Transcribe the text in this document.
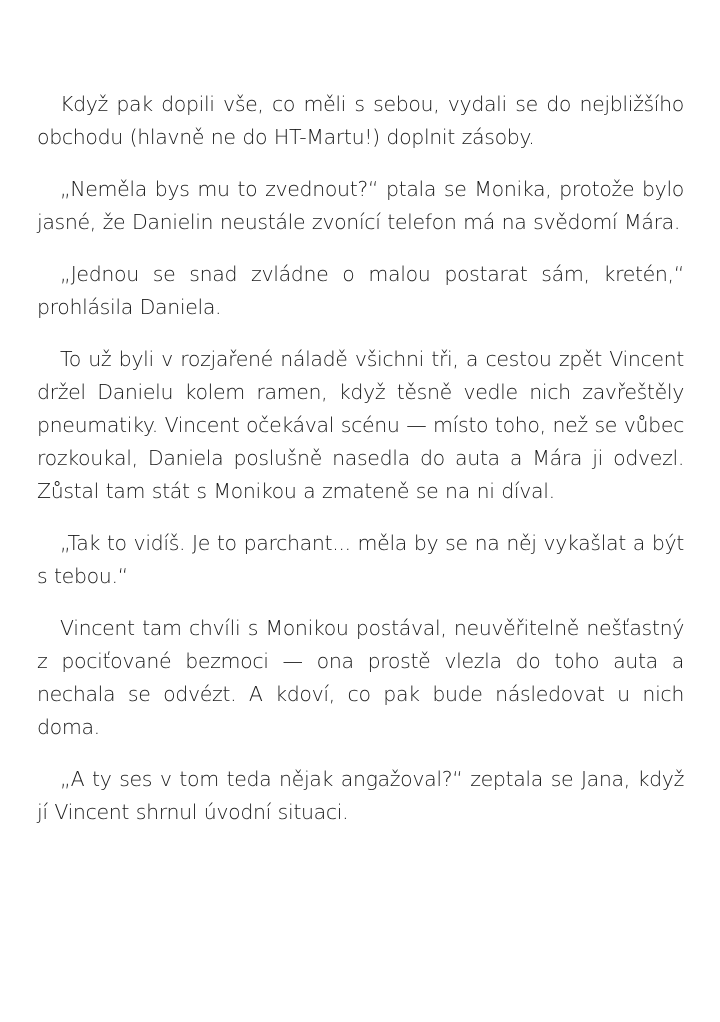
Když pak dopili vše, co měli s sebou, vydali se do nejbližšího obchodu (hlavně ne do HT-Martu!) doplnit zásoby.

„Neměla bys mu to zvednout?“ ptala se Monika, protože bylo jasné, že Danielin neustále zvonící telefon má na svědomí Mára.

„Jednou se snad zvládne o malou postarat sám, kretén,“ prohlásila Daniela.

To už byli v rozjařené náladě všichni tři, a cestou zpět Vincent držel Danielu kolem ramen, když těsně vedle nich zavřeštěly pneumatiky. Vincent očekával scénu — místo toho, než se vůbec rozkoukal, Daniela poslušně nasedla do auta a Mára ji odvezl. Zůstal tam stát s Monikou a zmateně se na ni díval.

„Tak to vidíš. Je to parchant... měla by se na něj vykašlat a být s tebou.“

Vincent tam chvíli s Monikou postával, neuvěřitelně nešťastný z pociťované bezmoci — ona prostě vlezla do toho auta a nechala se odvézt. A kdoví, co pak bude následovat u nich doma.

„A ty ses v tom teda nějak angažoval?“ zeptala se Jana, když jí Vincent shrnul úvodní situaci.
